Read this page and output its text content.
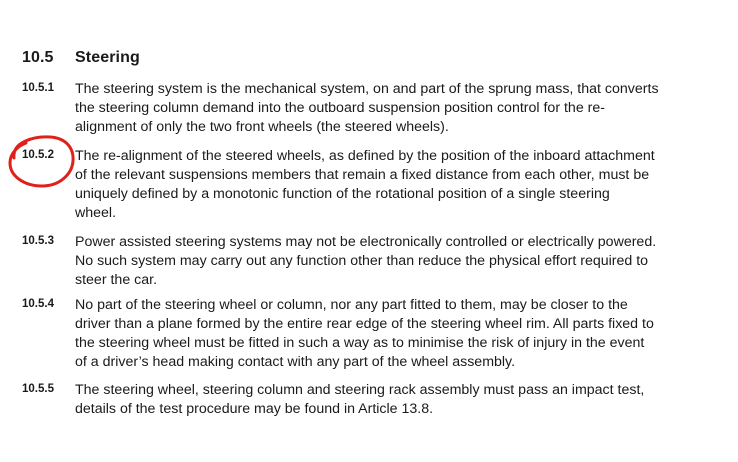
10.5 Steering
10.5.1 The steering system is the mechanical system, on and part of the sprung mass, that converts
the steering column demand into the outboard suspension position control for the re-
alignment of only the two front wheels (the steered wheels).
10.5.2 The re-alignment of the steered wheels, as defined by the position of the inboard attachment
of the relevant suspensions members that remain a fixed distance from each other, must be
uniquely defined by a monotonic function of the rotational position of a single steering
wheel.
10.5.3 Power assisted steering systems may not be electronically controlled or electrically powered.
No such system may carry out any function other than reduce the physical effort required to
steer the car.
10.5.4 No part of the steering wheel or column, nor any part fitted to them, may be closer to the
driver than a plane formed by the entire rear edge of the steering wheel rim. All parts fixed to
the steering wheel must be fitted in such a way as to minimise the risk of injury in the event
of a driver’s head making contact with any part of the wheel assembly.
10.5.5 The steering wheel, steering column and steering rack assembly must pass an impact test,
details of the test procedure may be found in Article 13.8.
